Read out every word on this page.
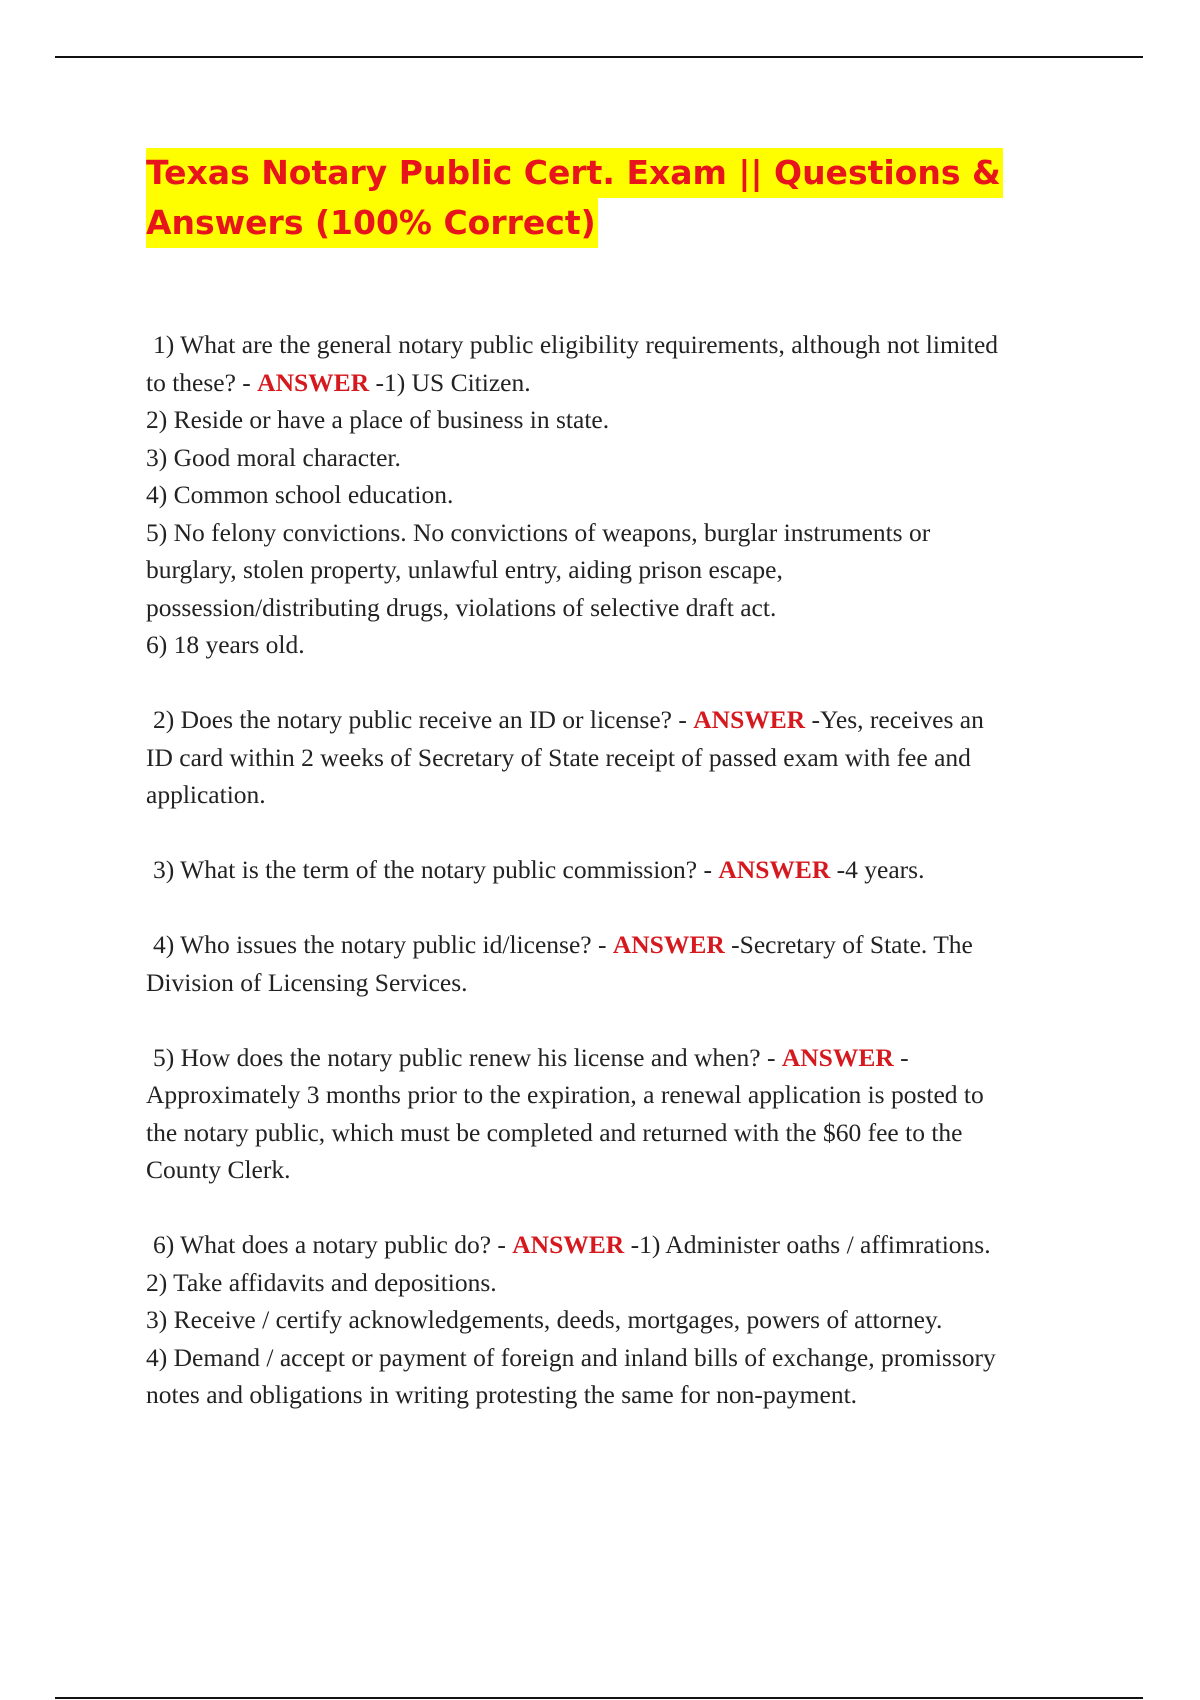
Texas Notary Public Cert. Exam || Questions &
Answers (100% Correct)
1) What are the general notary public eligibility requirements, although not limited
to these? - ANSWER -1) US Citizen.
2) Reside or have a place of business in state.
3) Good moral character.
4) Common school education.
5) No felony convictions. No convictions of weapons, burglar instruments or
burglary, stolen property, unlawful entry, aiding prison escape,
possession/distributing drugs, violations of selective draft act.
6) 18 years old.
2) Does the notary public receive an ID or license? - ANSWER -Yes, receives an
ID card within 2 weeks of Secretary of State receipt of passed exam with fee and
application.
3) What is the term of the notary public commission? - ANSWER -4 years.
4) Who issues the notary public id/license? - ANSWER -Secretary of State. The
Division of Licensing Services.
5) How does the notary public renew his license and when? - ANSWER -
Approximately 3 months prior to the expiration, a renewal application is posted to
the notary public, which must be completed and returned with the $60 fee to the
County Clerk.
6) What does a notary public do? - ANSWER -1) Administer oaths / affimrations.
2) Take affidavits and depositions.
3) Receive / certify acknowledgements, deeds, mortgages, powers of attorney.
4) Demand / accept or payment of foreign and inland bills of exchange, promissory
notes and obligations in writing protesting the same for non-payment.
